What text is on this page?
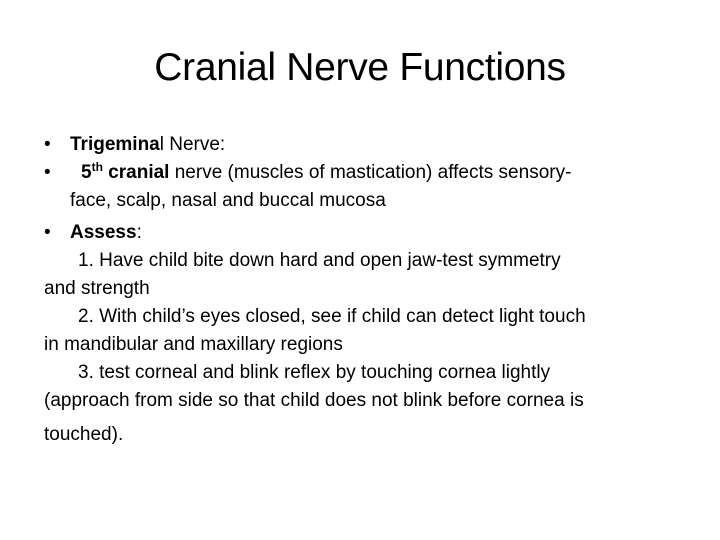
Cranial Nerve Functions
• Trigeminal Nerve:
• 5th cranial nerve (muscles of mastication) affects sensory-
face, scalp, nasal and buccal mucosa
• Assess:
1. Have child bite down hard and open jaw-test symmetry
and strength
2. With child’s eyes closed, see if child can detect light touch
in mandibular and maxillary regions
3. test corneal and blink reflex by touching cornea lightly
(approach from side so that child does not blink before cornea is
touched).
